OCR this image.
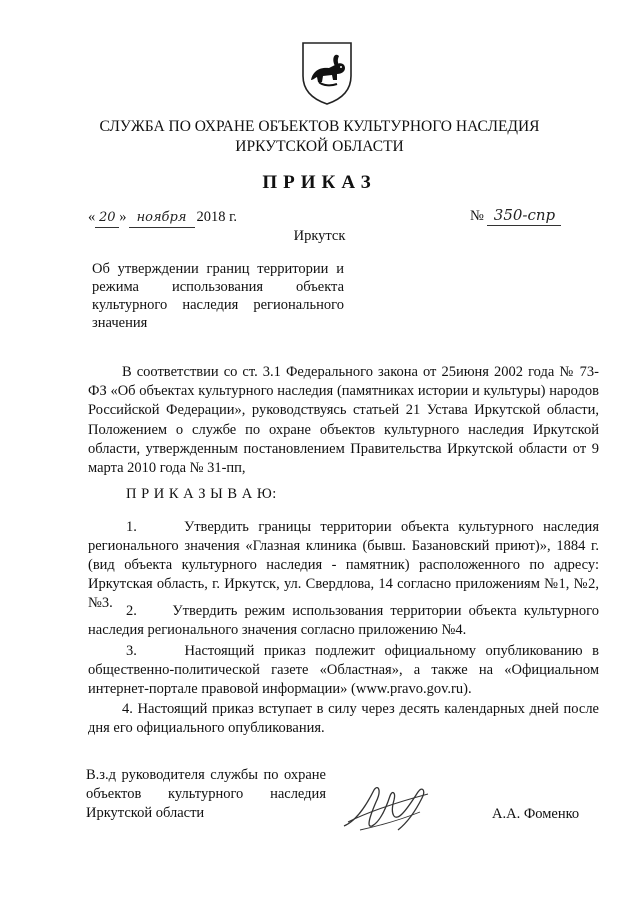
СЛУЖБА ПО ОХРАНЕ ОБЪЕКТОВ КУЛЬТУРНОГО НАСЛЕДИЯ
ИРКУТСКОЙ ОБЛАСТИ
ПРИКАЗ
« 20 » ноября 2018 г.	№ 350-спр
Иркутск
Об утверждении границ территории и режима использования объекта культурного наследия регионального значения

В соответствии со ст. 3.1 Федерального закона от 25июня 2002 года № 73-ФЗ «Об объектах культурного наследия (памятниках истории и культуры) народов Российской Федерации», руководствуясь статьей 21 Устава Иркутской области, Положением о службе по охране объектов культурного наследия Иркутской области, утвержденным постановлением Правительства Иркутской области от 9 марта 2010 года № 31-пп,

П Р И К А З Ы В А Ю:

1.     Утвердить границы территории объекта культурного наследия регионального значения «Глазная клиника (бывш. Базановский приют)», 1884 г. (вид объекта культурного наследия - памятник) расположенного по адресу: Иркутская область, г. Иркутск, ул. Свердлова, 14 согласно приложениям №1, №2, №3. 2.     Утвердить режим использования территории объекта культурного наследия регионального значения согласно приложению №4.

3.     Настоящий приказ подлежит официальному опубликованию в общественно-политической газете «Областная», а также на «Официальном интернет-портале правовой информации» (www.pravo.gov.ru).

4. Настоящий приказ вступает в силу через десять календарных дней после дня его официального опубликования.

В.з.д руководителя службы по охране объектов культурного наследия Иркутской области	А.А. Фоменко
